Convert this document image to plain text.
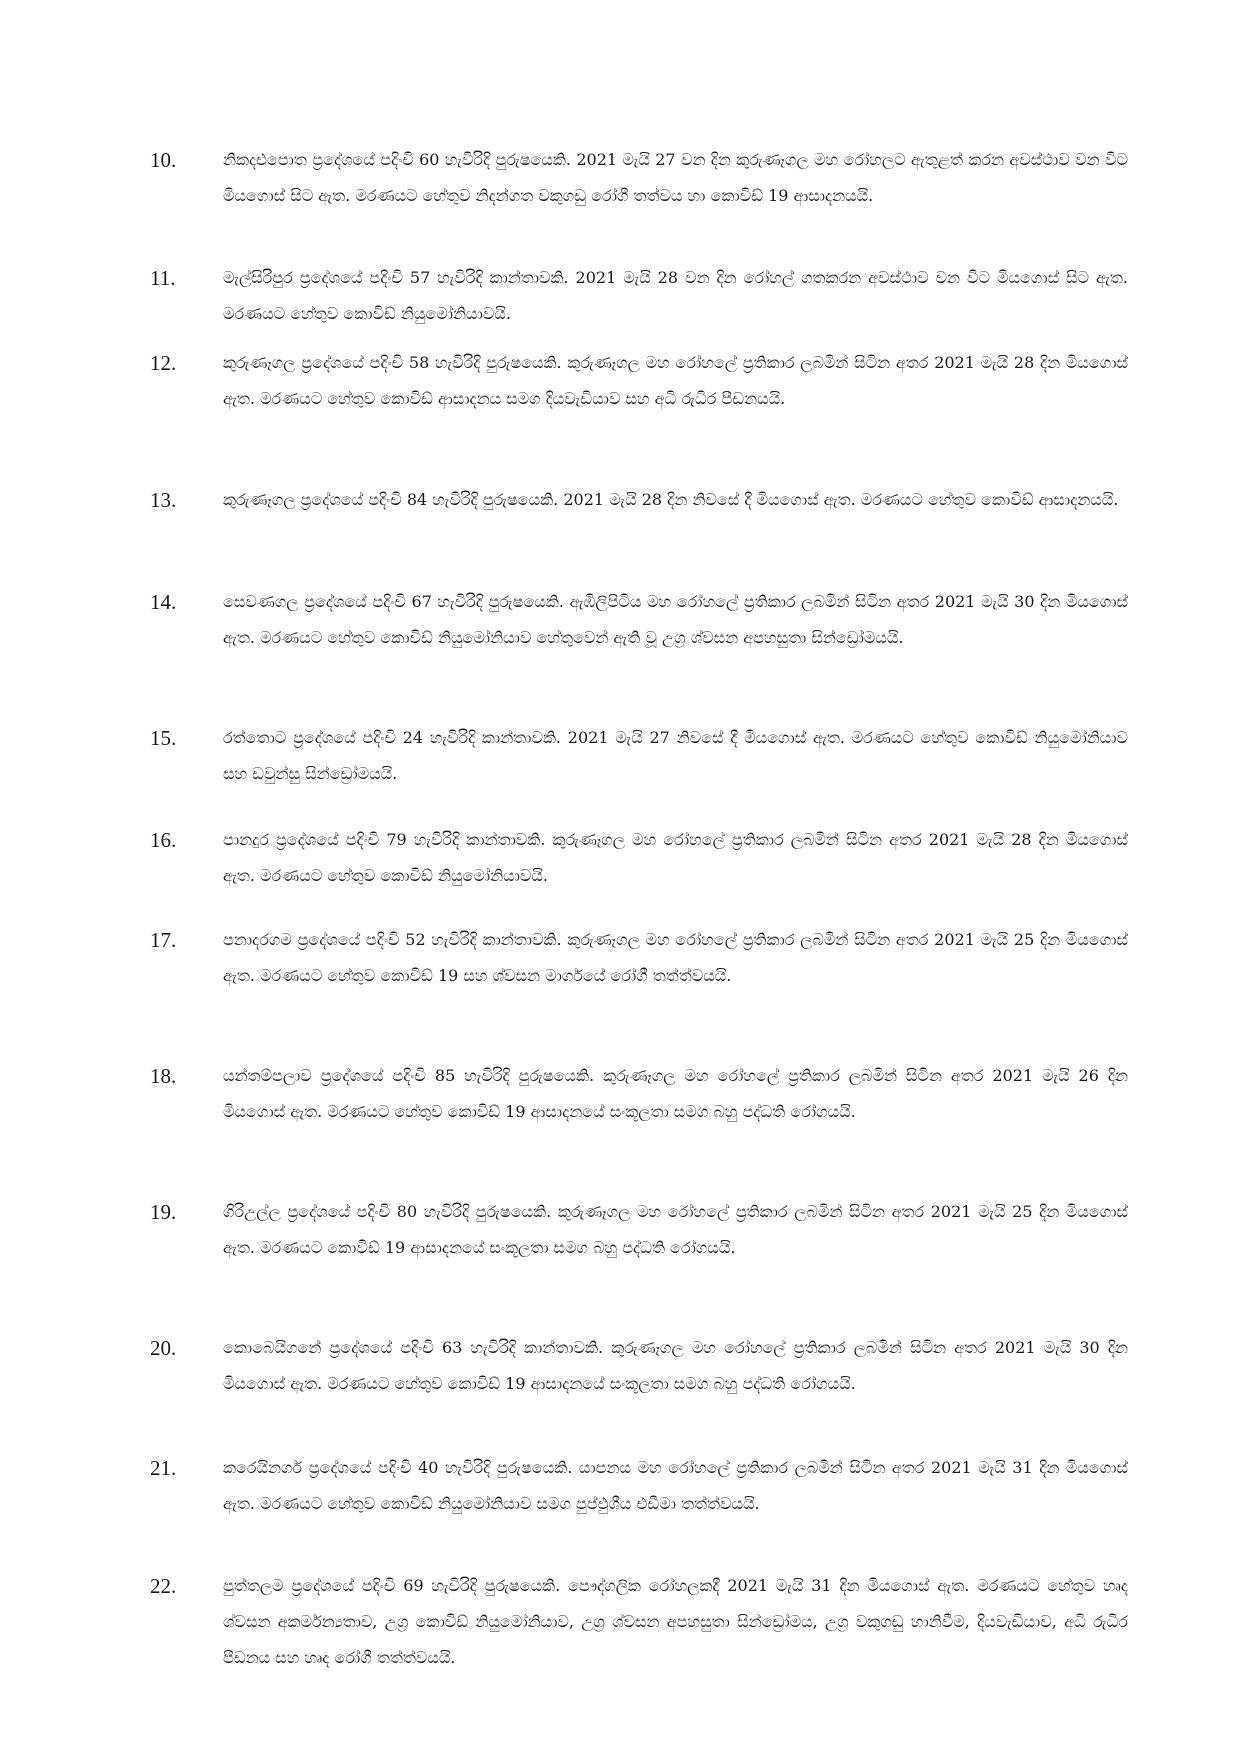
10.	නිකදළුපොත ප්‍රදේශයේ පදිංචි 60 හැවිරිදි පුරුෂයෙකි. 2021 මැයි 27 වන දින කුරුණෑගල මහ රෝහලට ඇතුළත් කරන අවස්ථාව වන විට මියගොස් සිට ඇත. මරණයට හේතුව නිදන්ගත වකුගඩු රෝගී තත්වය හා කොවිඩ් 19 ආසාදනයයි.
11.	මැල්සිරිපුර ප්‍රදේශයේ පදිංචි 57 හැවිරිදි කාන්තාවකි. 2021 මැයි 28 වන දින රෝහල් ගතකරන අවස්ථාව වන විට මියගොස් සිට ඇත. මරණයට හේතුව කොවිඩ් නියුමෝනියාවයි.
12.	කුරුණෑගල ප්‍රදේශයේ පදිංචි 58 හැවිරිදි පුරුෂයෙකි. කුරුණෑගල මහ රෝහලේ ප්‍රතිකාර ලබමින් සිටින අතර 2021 මැයි 28 දින මියගොස් ඇත. මරණයට හේතුව කොවිඩ් ආසාදනය සමග දියවැඩියාව සහ අධි රුධිර පීඩනයයි.
13.	කුරුණෑගල ප්‍රදේශයේ පදිංචි 84 හැවිරිදි පුරුෂයෙකි. 2021 මැයි 28 දින නිවසේ දී මියගොස් ඇත. මරණයට හේතුව කොවිඩ් ආසාදනයයි.
14.	සෙවණගල ප්‍රදේශයේ පදිංචි 67 හැවිරිදි පුරුෂයෙකි. ඇඹිලිපිටිය මහ රෝහලේ ප්‍රතිකාර ලබමින් සිටින අතර 2021 මැයි 30 දින මියගොස් ඇත. මරණයට හේතුව කොවිඩ් නියුමෝනියාව හේතුවෙන් ඇති වූ උග්‍ර ශ්වසන අපහසුතා සින්ඩ්‍රෝමයයි.
15.	රත්තොට ප්‍රදේශයේ පදිංචි 24 හැවිරිදි කාන්තාවකි. 2021 මැයි 27 නිවසේ දී මියගොස් ඇත. මරණයට හේතුව කොවිඩ් නියුමෝනියාව සහ ඩවුන්සු සින්ඩ්‍රෝමයයි.
16.	පානදුර ප්‍රදේශයේ පදිංචි 79 හැවිරිදි කාන්තාවකි. කුරුණෑගල මහ රෝහලේ ප්‍රතිකාර ලබමින් සිටින අතර 2021 මැයි 28 දින මියගොස් ඇත. මරණයට හේතුව කොවිඩ් නියුමෝනියාවයි.
17.	පනාදරගම ප්‍රදේශයේ පදිංචි 52 හැවිරිදි කාන්තාවකි. කුරුණෑගල මහ රෝහලේ ප්‍රතිකාර ලබමින් සිටින අතර 2021 මැයි 25 දින මියගොස් ඇත. මරණයට හේතුව කොවිඩ් 19 සහ ශ්වසන මාර්ගයේ රෝගී තත්ත්වයයි.
18.	යන්තම්පලාව ප්‍රදේශයේ පදිංචි 85 හැවිරිදි පුරුෂයෙකි. කුරුණෑගල මහ රෝහලේ ප්‍රතිකාර ලබමින් සිටින අතර 2021 මැයි 26 දින මියගොස් ඇත. මරණයට හේතුව කොවිඩ් 19 ආසාදනයේ සංකූලතා සමග බහු පද්ධති රෝගයයි.
19.	ගිරිඋල්ල ප්‍රදේශයේ පදිංචි 80 හැවිරිදි පුරුෂයෙකි. කුරුණෑගල මහ රෝහලේ ප්‍රතිකාර ලබමින් සිටින අතර 2021 මැයි 25 දින මියගොස් ඇත. මරණයට කොවිඩ් 19 ආසාදනයේ සංකූලතා සමග බහු පද්ධති රෝගයයි.
20.	කොබෙයිගනේ ප්‍රදේශයේ පදිංචි 63 හැවිරිදි කාන්තාවකි. කුරුණෑගල මහ රෝහලේ ප්‍රතිකාර ලබමින් සිටින අතර 2021 මැයි 30 දින මියගොස් ඇත. මරණයට හේතුව කොවිඩ් 19 ආසාදනයේ සංකූලතා සමග බහු පද්ධති රෝගයයි.
21.	කරෙයිනගර් ප්‍රදේශයේ පදිංචි 40 හැවිරිදි පුරුෂයෙකි. යාපනය මහ රෝහලේ ප්‍රතිකාර ලබමින් සිටින අතර 2021 මැයි 31 දින මියගොස් ඇත. මරණයට හේතුව කොවිඩ් නියුමෝනියාව සමග පුප්ඵුශීය එඩීමා තත්ත්වයයි.
22.	පුත්තලම ප්‍රදේශයේ පදිංචි 69 හැවිරිදි පුරුෂයෙකි. පෞද්ගලික රෝහලකදී 2021 මැයි 31 දින මියගොස් ඇත. මරණයට හේතුව හෘද ශ්වසන අකර්මන්‍යතාව, උග්‍ර කොවිඩ් නියුමෝනියාව, උග්‍ර ශ්වසන අපහසුතා සින්ඩ්‍රෝමය, උග්‍ර වකුගඩු හානිවීම, දියවැඩියාව, අධි රුධිර පීඩනය සහ හෘද රෝගී තත්ත්වයයි.
